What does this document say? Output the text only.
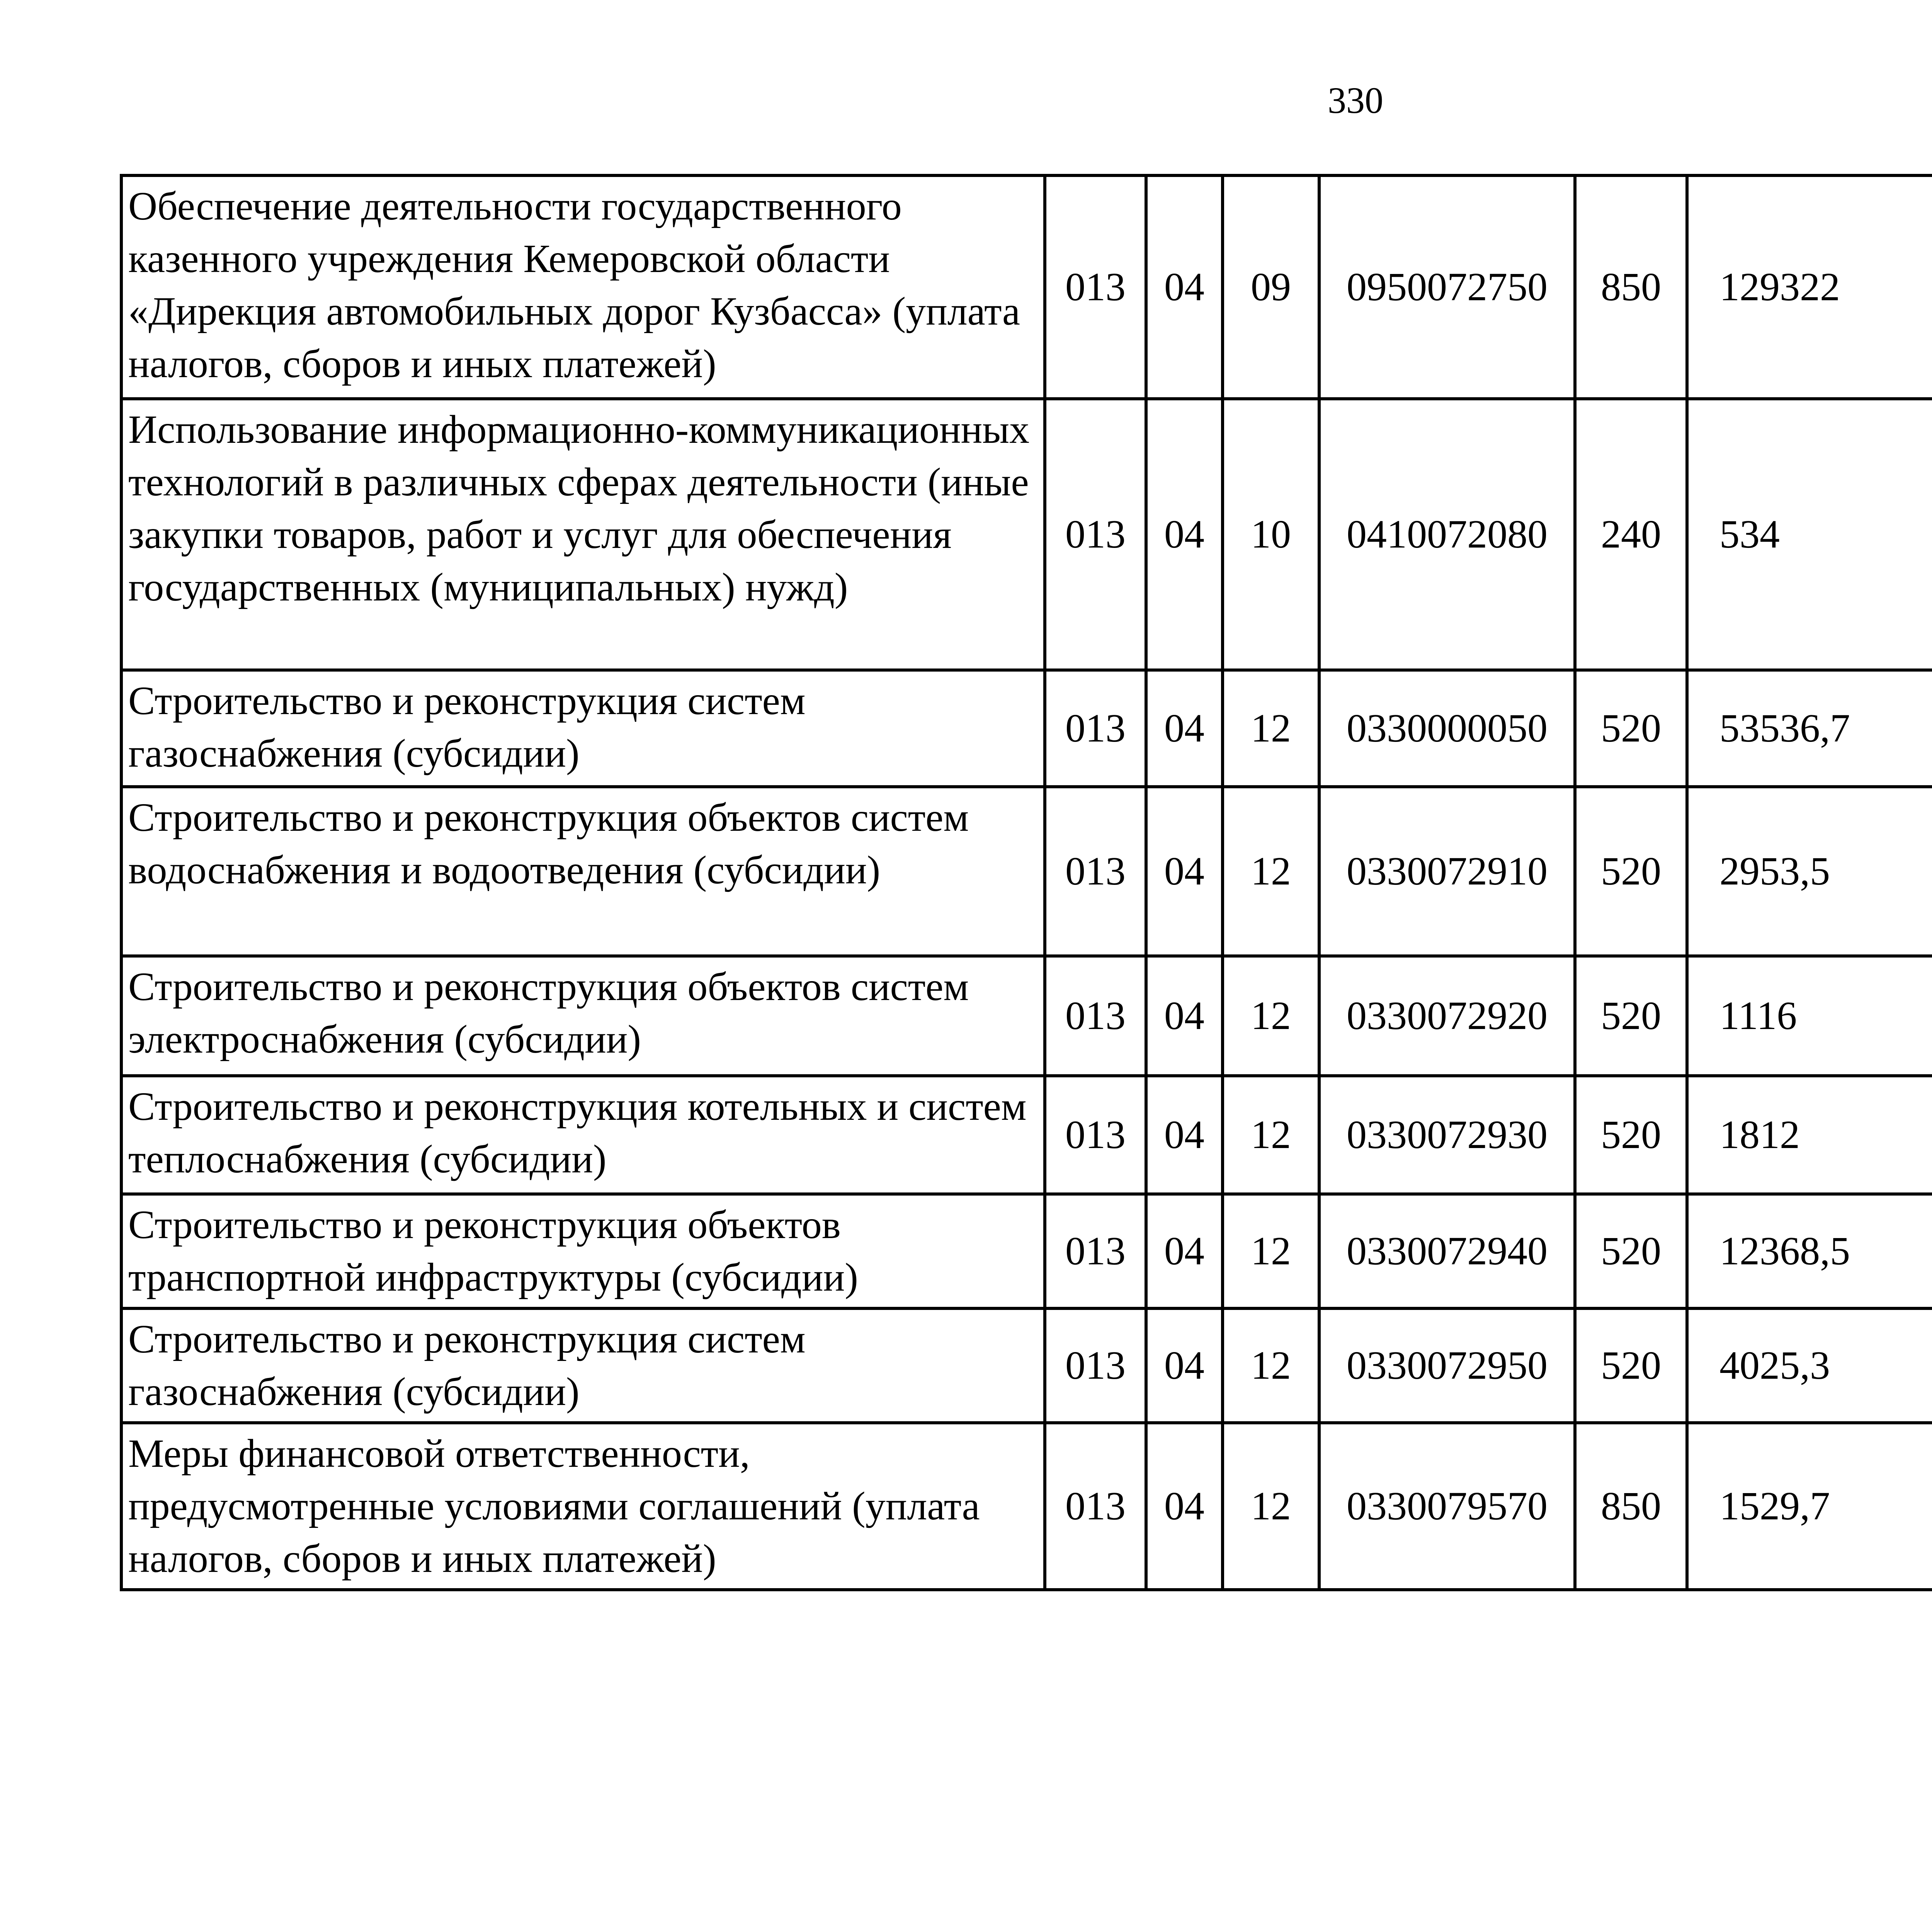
330
Обеспечение деятельности государственного казенного учреждения Кемеровской области «Дирекция автомобильных дорог Кузбасса» (уплата налогов, сборов и иных платежей)	013	04	09	0950072750	850	129322		
Использование информационно-коммуникационных технологий в различных сферах деятельности (иные закупки товаров, работ и услуг для обеспечения государственных (муниципальных) нужд)	013	04	10	0410072080	240	534		
Строительство и реконструкция систем газоснабжения (субсидии)	013	04	12	0330000050	520	53536,7		
Строительство и реконструкция объектов систем водоснабжения и водоотведения (субсидии)	013	04	12	0330072910	520	2953,5		
Строительство и реконструкция объектов систем электроснабжения (субсидии)	013	04	12	0330072920	520	1116		
Строительство и реконструкция котельных и систем теплоснабжения (субсидии)	013	04	12	0330072930	520	1812		
Строительство и реконструкция объектов транспортной инфраструктуры (субсидии)	013	04	12	0330072940	520	12368,5		
Строительство и реконструкция систем газоснабжения (субсидии)	013	04	12	0330072950	520	4025,3		
Меры финансовой ответственности, предусмотренные условиями соглашений (уплата налогов, сборов и иных платежей)	013	04	12	0330079570	850	1529,7		
